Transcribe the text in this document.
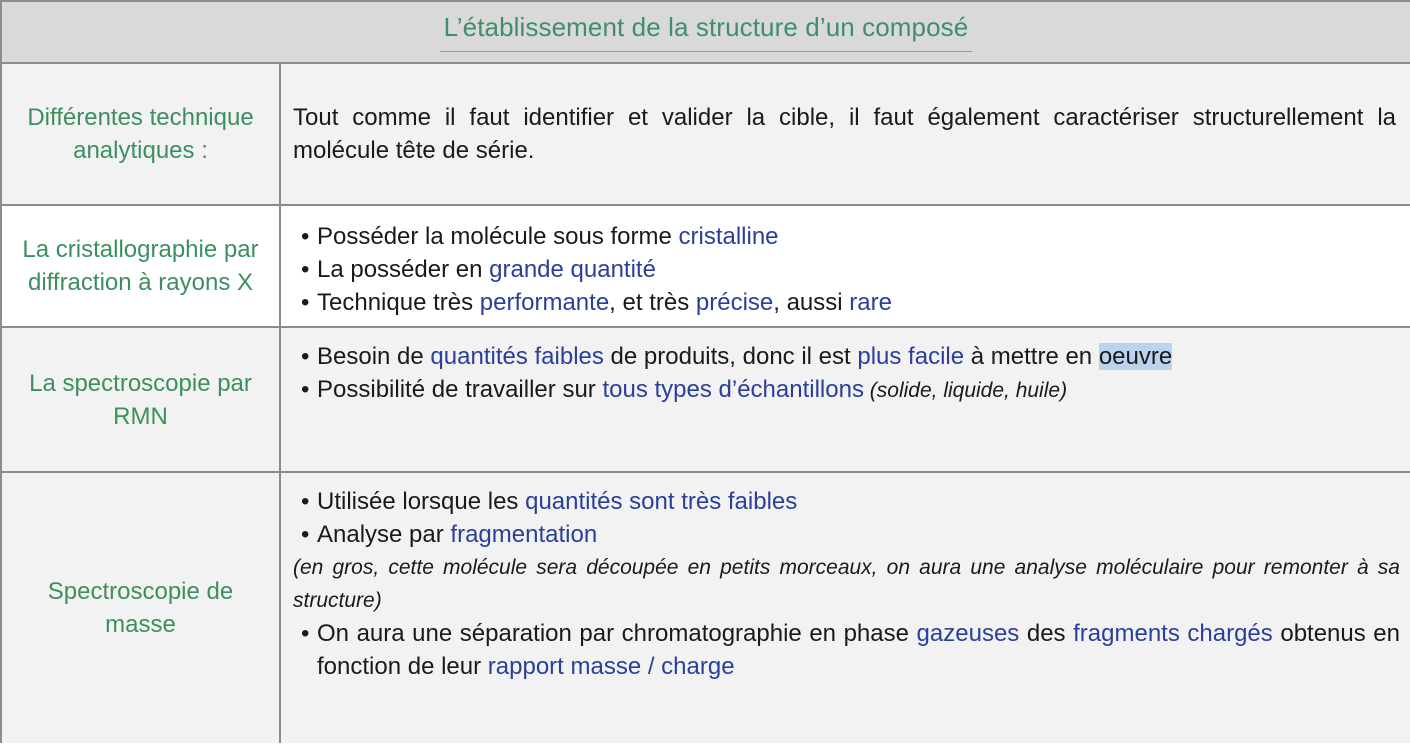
L’établissement de la structure d’un composé
Différentes technique analytiques :
Tout comme il faut identifier et valider la cible, il faut également caractériser structurellement la molécule tête de série.
La cristallographie par diffraction à rayons X
• Posséder la molécule sous forme cristalline
• La posséder en grande quantité
• Technique très performante, et très précise, aussi rare
La spectroscopie par RMN
• Besoin de quantités faibles de produits, donc il est plus facile à mettre en oeuvre
• Possibilité de travailler sur tous types d’échantillons (solide, liquide, huile)
Spectroscopie de masse
• Utilisée lorsque les quantités sont très faibles
• Analyse par fragmentation
(en gros, cette molécule sera découpée en petits morceaux, on aura une analyse moléculaire pour remonter à sa structure)
• On aura une séparation par chromatographie en phase gazeuses des fragments chargés obtenus en fonction de leur rapport masse / charge
